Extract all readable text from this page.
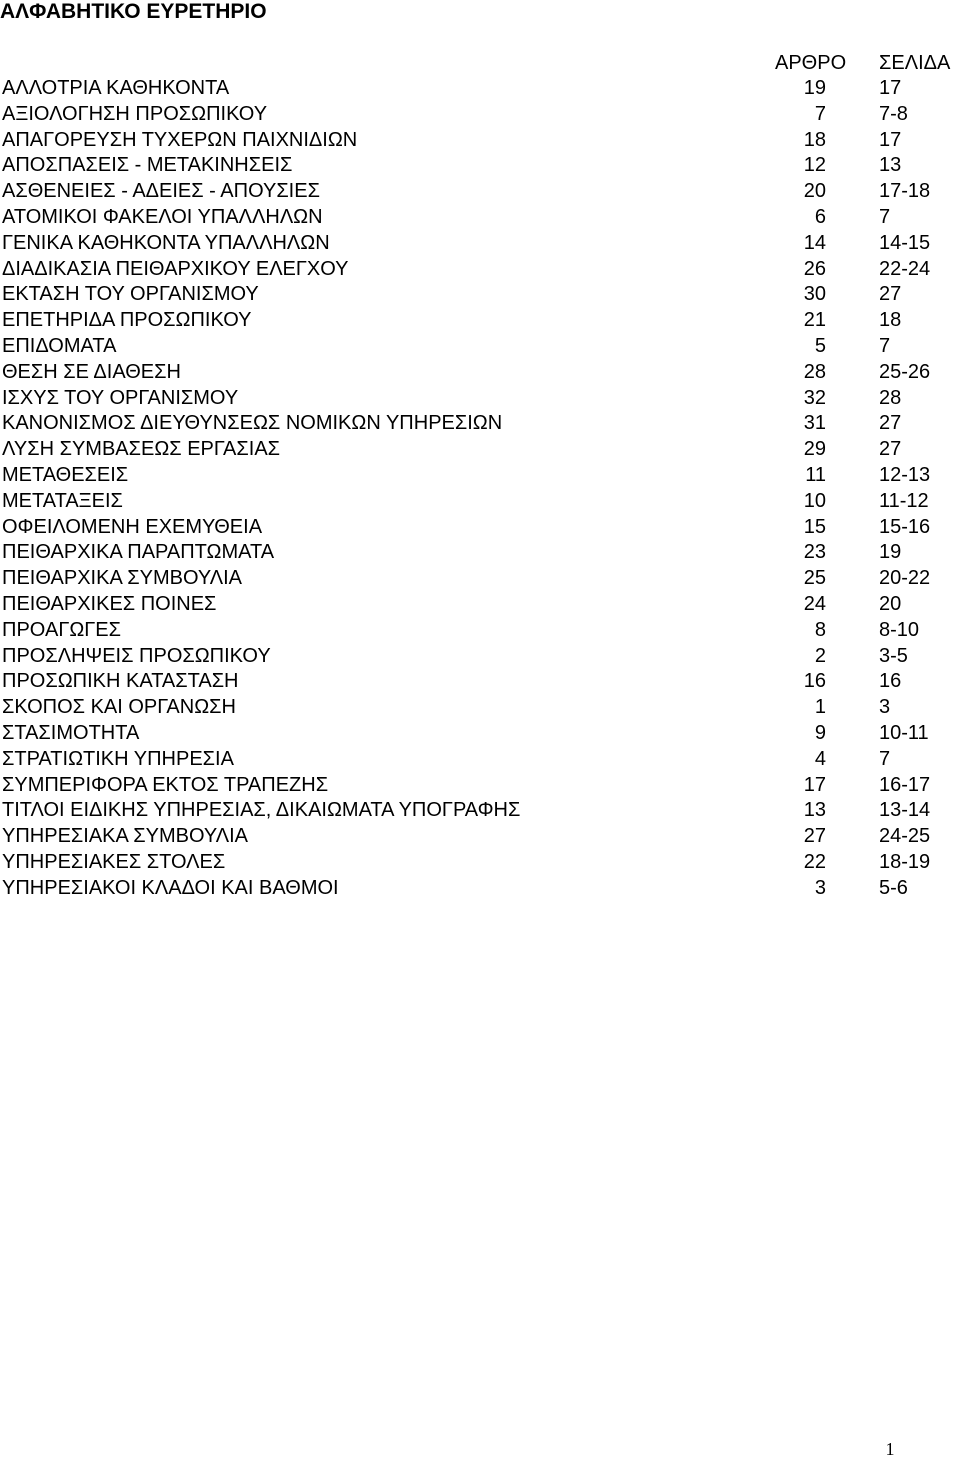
ΑΛΦΑΒΗΤΙΚΟ ΕΥΡΕΤΗΡΙΟ
ΑΡΘΡΟ ΣΕΛΙΔΑ
ΑΛΛΟΤΡΙΑ ΚΑΘΗΚΟΝΤΑ	19	17
ΑΞΙΟΛΟΓΗΣΗ ΠΡΟΣΩΠΙΚΟΥ	7	7-8
ΑΠΑΓΟΡΕΥΣΗ ΤΥΧΕΡΩΝ ΠΑΙΧΝΙΔΙΩΝ	18	17
ΑΠΟΣΠΑΣΕΙΣ - ΜΕΤΑΚΙΝΗΣΕΙΣ	12	13
ΑΣΘΕΝΕΙΕΣ - ΑΔΕΙΕΣ - ΑΠΟΥΣΙΕΣ	20	17-18
ΑΤΟΜΙΚΟΙ ΦΑΚΕΛΟΙ ΥΠΑΛΛΗΛΩΝ	6	7
ΓΕΝΙΚΑ ΚΑΘΗΚΟΝΤΑ ΥΠΑΛΛΗΛΩΝ	14	14-15
ΔΙΑΔΙΚΑΣΙΑ ΠΕΙΘΑΡΧΙΚΟΥ ΕΛΕΓΧΟΥ	26	22-24
ΕΚΤΑΣΗ ΤΟΥ ΟΡΓΑΝΙΣΜΟΥ	30	27
ΕΠΕΤΗΡΙΔΑ ΠΡΟΣΩΠΙΚΟΥ	21	18
ΕΠΙΔΟΜΑΤΑ	5	7
ΘΕΣΗ ΣΕ ΔΙΑΘΕΣΗ	28	25-26
ΙΣΧΥΣ ΤΟΥ ΟΡΓΑΝΙΣΜΟΥ	32	28
ΚΑΝΟΝΙΣΜΟΣ ΔΙΕΥΘΥΝΣΕΩΣ ΝΟΜΙΚΩΝ ΥΠΗΡΕΣΙΩΝ	31	27
ΛΥΣΗ ΣΥΜΒΑΣΕΩΣ ΕΡΓΑΣΙΑΣ	29	27
ΜΕΤΑΘΕΣΕΙΣ	11	12-13
ΜΕΤΑΤΑΞΕΙΣ	10	11-12
ΟΦΕΙΛΟΜΕΝΗ ΕΧΕΜΥΘΕΙΑ	15	15-16
ΠΕΙΘΑΡΧΙΚΑ ΠΑΡΑΠΤΩΜΑΤΑ	23	19
ΠΕΙΘΑΡΧΙΚΑ ΣΥΜΒΟΥΛΙΑ	25	20-22
ΠΕΙΘΑΡΧΙΚΕΣ ΠΟΙΝΕΣ	24	20
ΠΡΟΑΓΩΓΕΣ	8	8-10
ΠΡΟΣΛΗΨΕΙΣ ΠΡΟΣΩΠΙΚΟΥ	2	3-5
ΠΡΟΣΩΠΙΚΗ ΚΑΤΑΣΤΑΣΗ	16	16
ΣΚΟΠΟΣ ΚΑΙ ΟΡΓΑΝΩΣΗ	1	3
ΣΤΑΣΙΜΟΤΗΤΑ	9	10-11
ΣΤΡΑΤΙΩΤΙΚΗ ΥΠΗΡΕΣΙΑ	4	7
ΣΥΜΠΕΡΙΦΟΡΑ ΕΚΤΟΣ ΤΡΑΠΕΖΗΣ	17	16-17
ΤΙΤΛΟΙ ΕΙΔΙΚΗΣ ΥΠΗΡΕΣΙΑΣ, ΔΙΚΑΙΩΜΑΤΑ ΥΠΟΓΡΑΦΗΣ	13	13-14
ΥΠΗΡΕΣΙΑΚΑ ΣΥΜΒΟΥΛΙΑ	27	24-25
ΥΠΗΡΕΣΙΑΚΕΣ ΣΤΟΛΕΣ	22	18-19
ΥΠΗΡΕΣΙΑΚΟΙ ΚΛΑΔΟΙ ΚΑΙ ΒΑΘΜΟΙ	3	5-6
1
